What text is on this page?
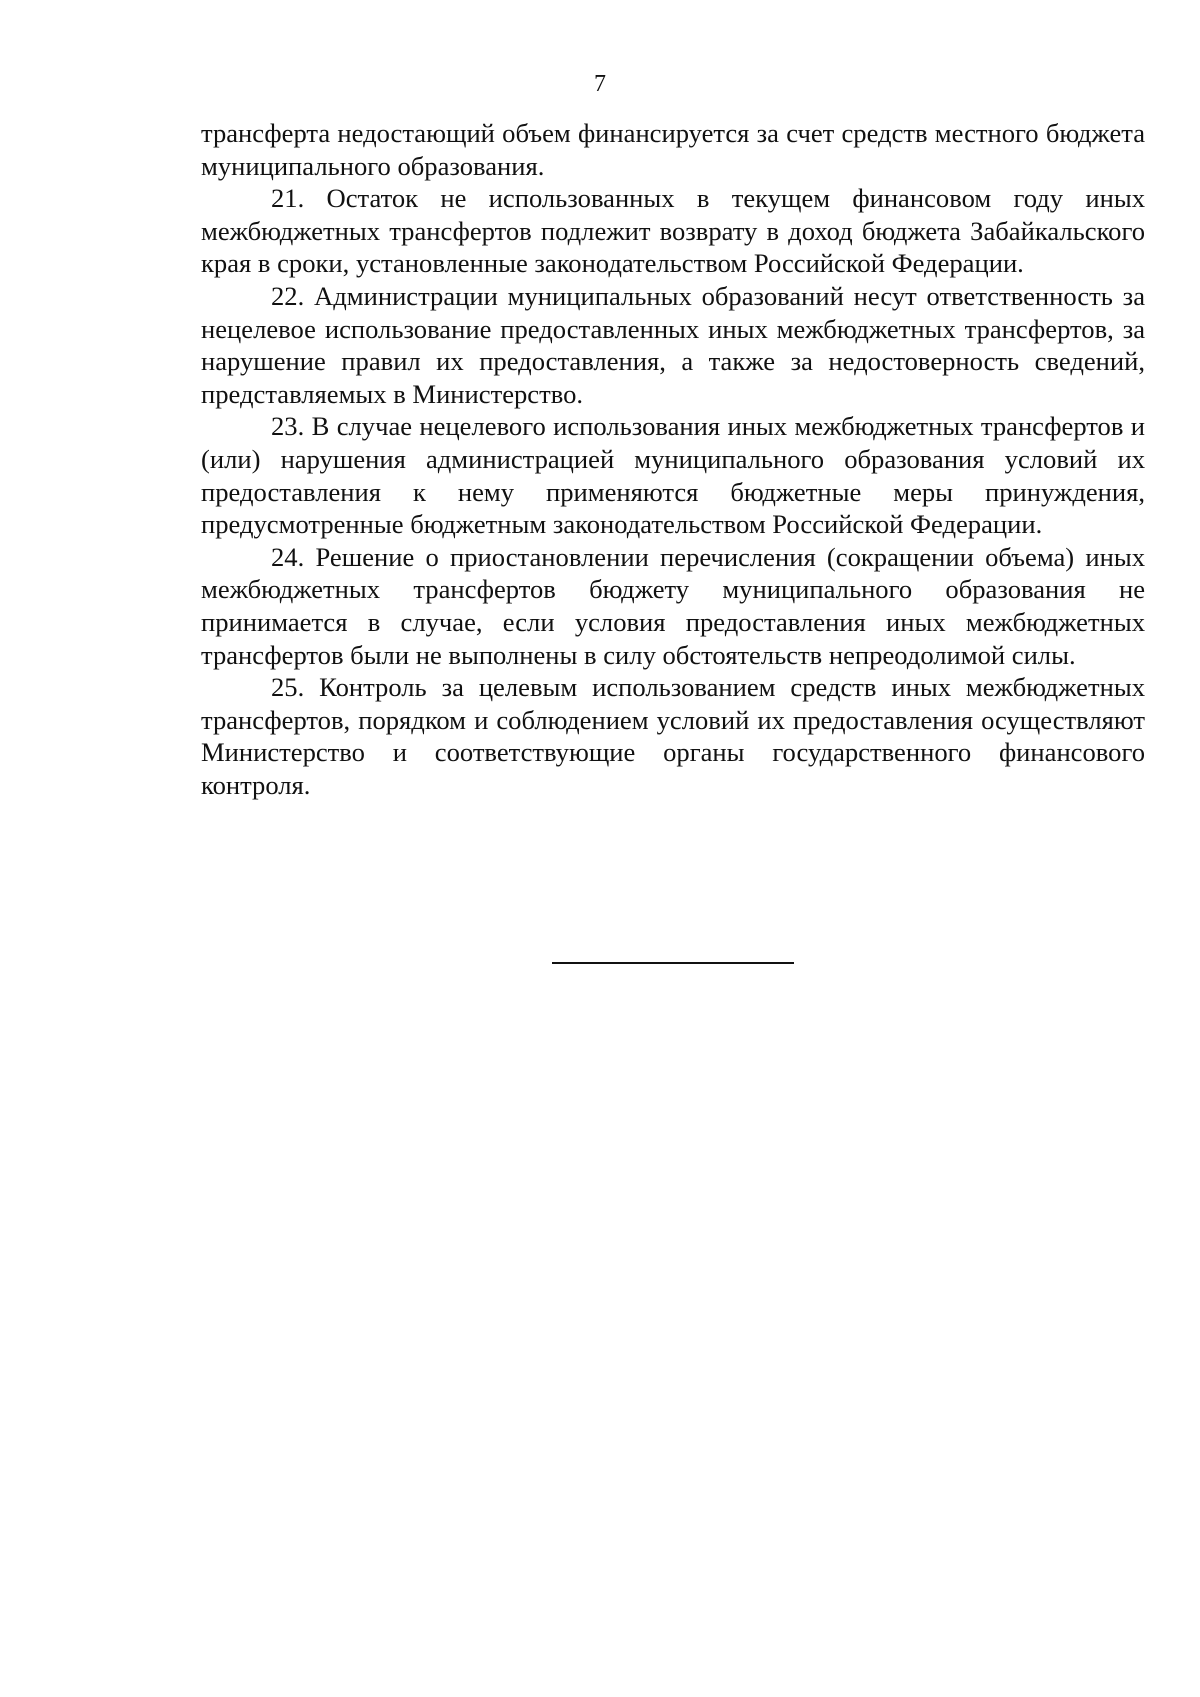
7

трансферта недостающий объем финансируется за счет средств местного бюджета муниципального образования.

21. Остаток не использованных в текущем финансовом году иных межбюджетных трансфертов подлежит возврату в доход бюджета Забайкальского края в сроки, установленные законодательством Российской Федерации.

22. Администрации муниципальных образований несут ответственность за нецелевое использование предоставленных иных межбюджетных трансфертов, за нарушение правил их предоставления, а также за недостоверность сведений, представляемых в Министерство.

23. В случае нецелевого использования иных межбюджетных трансфертов и (или) нарушения администрацией муниципального образования условий их предоставления к нему применяются бюджетные меры принуждения, предусмотренные бюджетным законодательством Российской Федерации.

24. Решение о приостановлении перечисления (сокращении объема) иных межбюджетных трансфертов бюджету муниципального образования не принимается в случае, если условия предоставления иных межбюджетных трансфертов были не выполнены в силу обстоятельств непреодолимой силы.

25. Контроль за целевым использованием средств иных межбюджетных трансфертов, порядком и соблюдением условий их предоставления осуществляют Министерство и соответствующие органы государственного финансового контроля.
